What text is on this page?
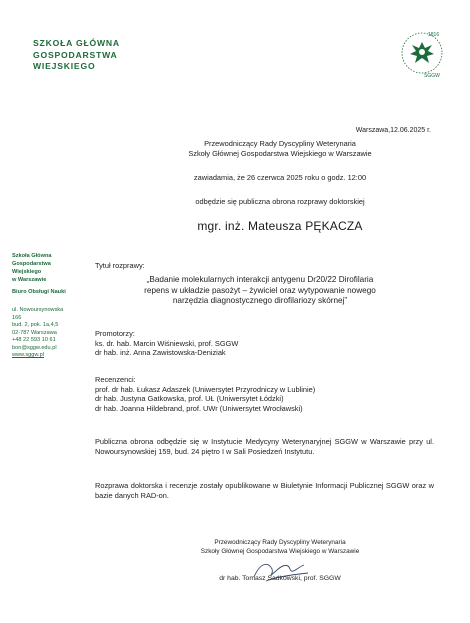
SZKOŁA GŁÓWNA
GOSPODARSTWA
WIEJSKIEGO
1816
SGGW
Warszawa,12.06.2025 r.
Przewodniczący Rady Dyscypliny Weterynaria
Szkoły Głównej Gospodarstwa Wiejskiego w Warszawie
zawiadamia, że 26 czerwca 2025 roku o godz. 12:00
odbędzie się publiczna obrona rozprawy doktorskiej
mgr. inż. Mateusza PĘKACZA
Szkoła Główna
Gospodarstwa
Wiejskiego
w Warszawie
Biuro Obsługi Nauki
ul. Nowoursynowska
166
bud. 2, pok. 1a,4,5
02-787 Warszawa
+48 22 593 10 61
bon@sggw.edu.pl
www.sggw.pl
Tytuł rozprawy:
„Badanie molekularnych interakcji antygenu Dr20/22 Dirofilaria
repens w układzie pasożyt – żywiciel oraz wytypowanie nowego
narzędzia diagnostycznego dirofilariozy skórnej”
Promotorzy:
ks. dr. hab. Marcin Wiśniewski, prof. SGGW
dr hab. inż. Anna Zawistowska-Deniziak
Recenzenci:
prof. dr hab. Łukasz Adaszek (Uniwersytet Przyrodniczy w Lublinie)
dr hab. Justyna Gatkowska, prof. UŁ (Uniwersytet Łódzki)
dr hab. Joanna Hildebrand, prof. UWr (Uniwersytet Wrocławski)
Publiczna obrona odbędzie się w Instytucie Medycyny Weterynaryjnej SGGW w Warszawie przy ul. Nowoursynowskiej 159, bud. 24 piętro I w Sali Posiedzeń Instytutu.
Rozprawa doktorska i recenzje zostały opublikowane w Biuletynie Informacji Publicznej SGGW oraz w bazie danych RAD-on.
Przewodniczący Rady Dyscypliny Weterynaria
Szkoły Głównej Gospodarstwa Wiejskiego w Warszawie
dr hab. Tomasz Sadkowski, prof. SGGW
